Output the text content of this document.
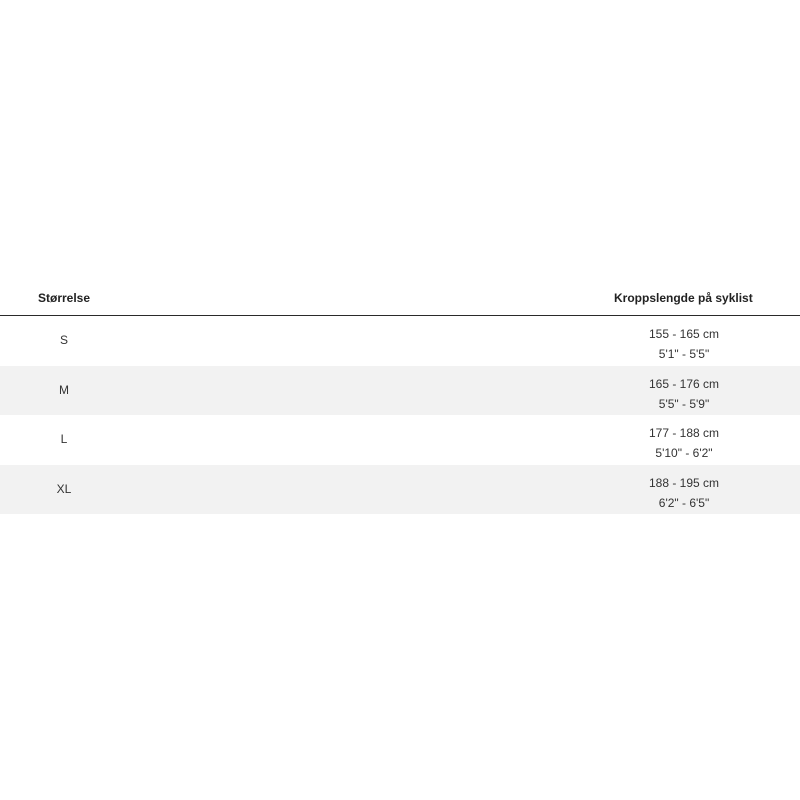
Størrelse	Kroppslengde på syklist
S	155 - 165 cm
5'1" - 5'5"
M	165 - 176 cm
5'5" - 5'9"
L	177 - 188 cm
5'10" - 6'2"
XL	188 - 195 cm
6'2" - 6'5"
